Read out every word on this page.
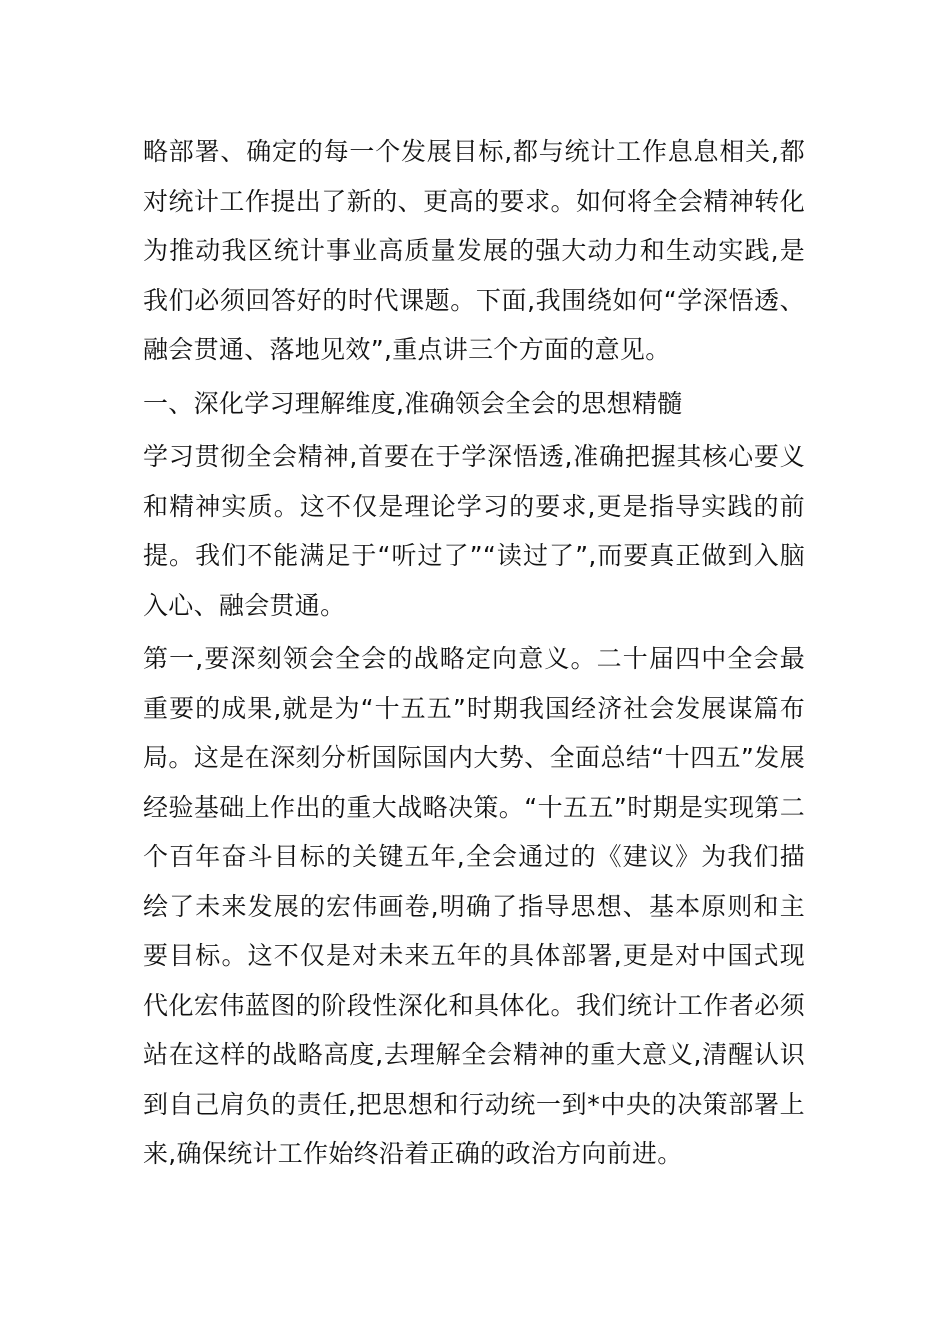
略部署、确定的每一个发展目标,都与统计工作息息相关,都对统计工作提出了新的、更高的要求。如何将全会精神转化为推动我区统计事业高质量发展的强大动力和生动实践,是我们必须回答好的时代课题。下面,我围绕如何“学深悟透、融会贯通、落地见效”,重点讲三个方面的意见。

一、深化学习理解维度,准确领会全会的思想精髓

学习贯彻全会精神,首要在于学深悟透,准确把握其核心要义和精神实质。这不仅是理论学习的要求,更是指导实践的前提。我们不能满足于“听过了”“读过了”,而要真正做到入脑入心、融会贯通。

第一,要深刻领会全会的战略定向意义。二十届四中全会最重要的成果,就是为“十五五”时期我国经济社会发展谋篇布局。这是在深刻分析国际国内大势、全面总结“十四五”发展经验基础上作出的重大战略决策。“十五五”时期是实现第二个百年奋斗目标的关键五年,全会通过的《建议》为我们描绘了未来发展的宏伟画卷,明确了指导思想、基本原则和主要目标。这不仅是对未来五年的具体部署,更是对中国式现代化宏伟蓝图的阶段性深化和具体化。我们统计工作者必须站在这样的战略高度,去理解全会精神的重大意义,清醒认识到自己肩负的责任,把思想和行动统一到*中央的决策部署上来,确保统计工作始终沿着正确的政治方向前进。
